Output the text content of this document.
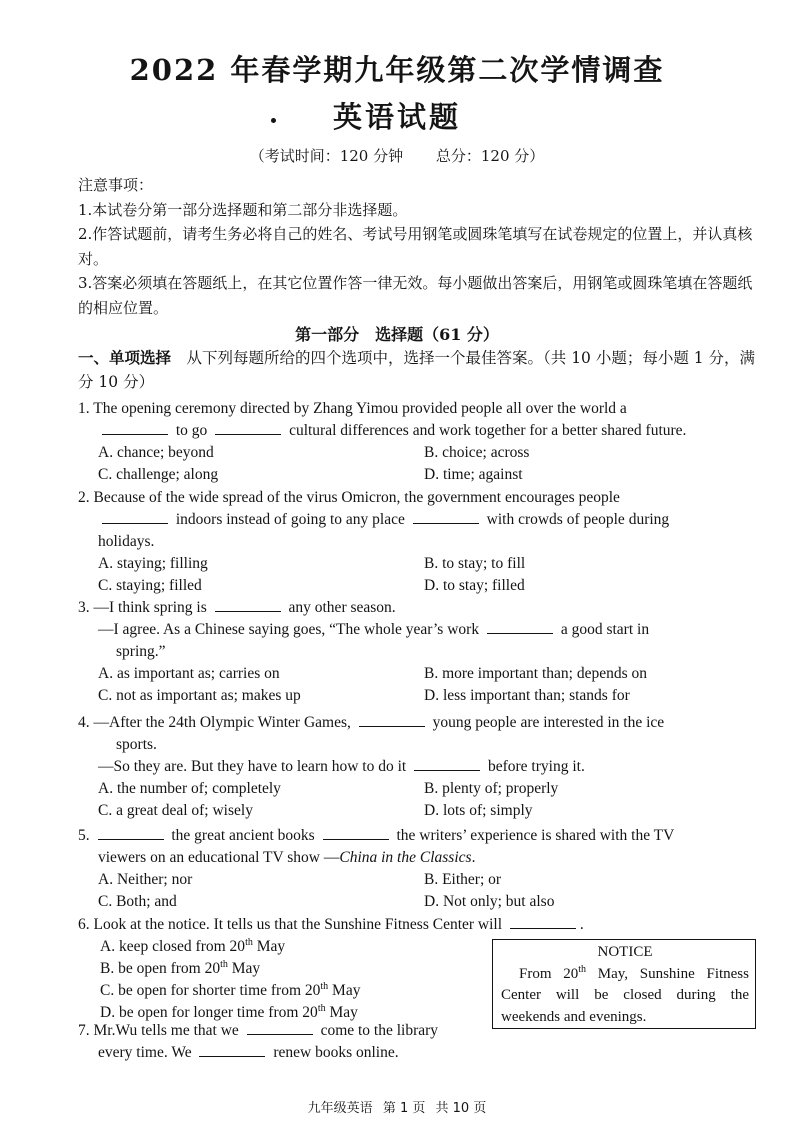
2022 年春学期九年级第二次学情调查
英语试题
（考试时间：120 分钟 总分：120 分）

注意事项：

1.本试卷分第一部分选择题和第二部分非选择题。

2.作答试题前，请考生务必将自己的姓名、考试号用钢笔或圆珠笔填写在试卷规定的位置上，并认真核对。

3.答案必须填在答题纸上，在其它位置作答一律无效。每小题做出答案后，用钢笔或圆珠笔填在答题纸的相应位置。

第一部分　选择题（61 分）
一、单项选择　从下列每题所给的四个选项中，选择一个最佳答案。（共 10 小题；每小题 1 分，满分 10 分）

1. The opening ceremony directed by Zhang Yimou provided people all over the world a

to go	cultural differences and work together for a better shared future.

A. chance; beyond	B. choice; across
C. challenge; along	D. time; against

2. Because of the wide spread of the virus Omicron, the government encourages people

indoors instead of going to any place	with crowds of people during

holidays.

A. staying; filling	B. to stay; to fill
C. staying; filled	D. to stay; filled

3. —I think spring is	any other season.

—I agree. As a Chinese saying goes, “The whole year’s work	a good start in

spring.”

A. as important as; carries on	B. more important than; depends on
C. not as important as; makes up	D. less important than; stands for

4. —After the 24th Olympic Winter Games,	young people are interested in the ice

sports.

—So they are. But they have to learn how to do it	before trying it.

A. the number of; completely	B. plenty of; properly
C. a great deal of; wisely	D. lots of; simply

5.	the great ancient books	the writers’ experience is shared with the TV

viewers on an educational TV show —China in the Classics.

A. Neither; nor	B. Either; or
C. Both; and	D. Not only; but also

6. Look at the notice. It tells us that the Sunshine Fitness Center will	.

A. keep closed from 20th May

B. be open from 20th May

C. be open for shorter time from 20th May

D. be open for longer time from 20th May

NOTICE
From 20th May, Sunshine Fitness Center will be closed during the weekends and evenings.

7. Mr.Wu tells me that we	come to the library

every time. We	renew books online.

九年级英语 第 1 页 共 10 页
